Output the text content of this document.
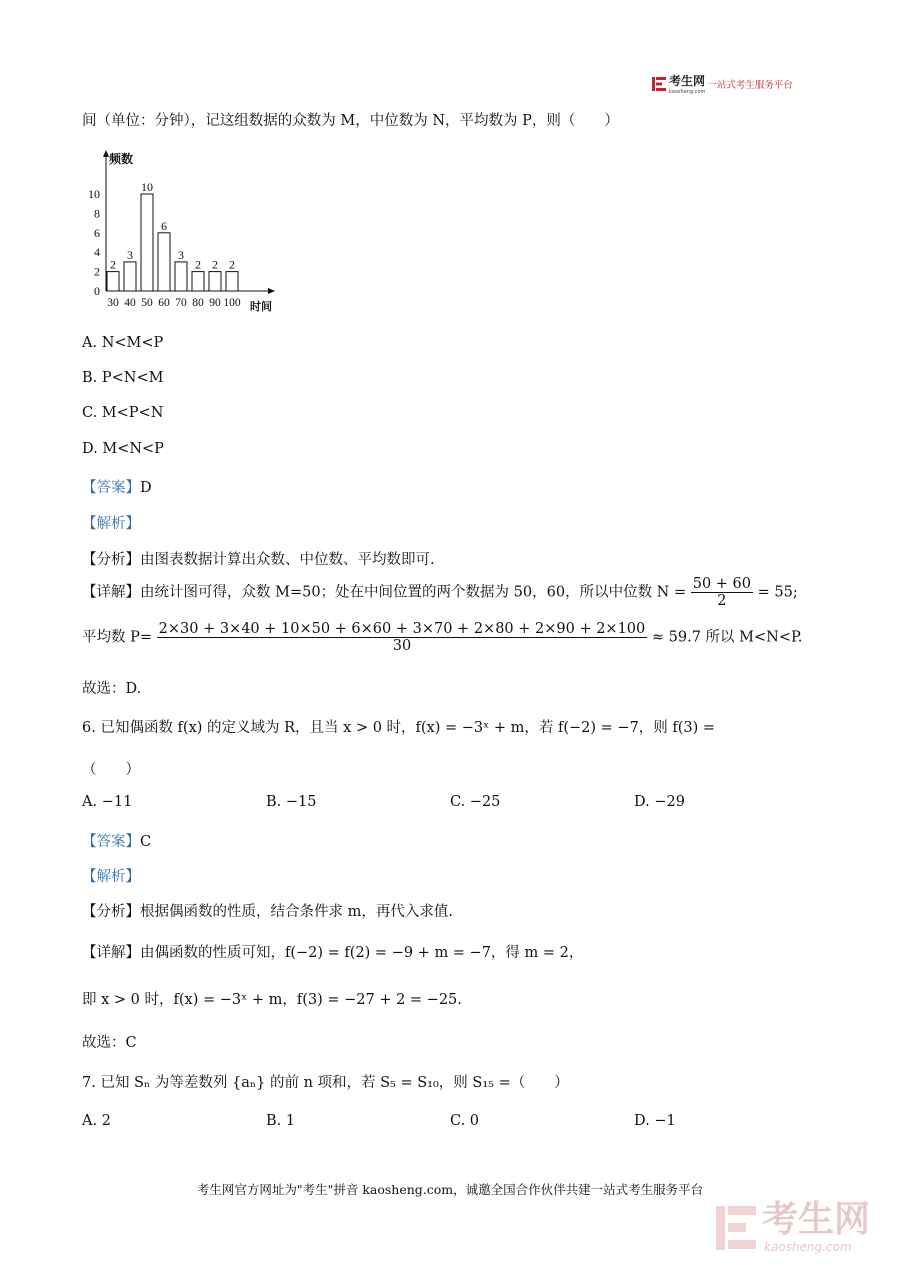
考生网
kaosheng.com
一站式考生服务平台
间（单位：分钟），记这组数据的众数为 M，中位数为 N，平均数为 P，则（　　）
频数
时间
0
2
4
6
8
10
2
30
3
40
10
50
6
60
3
70
2
80
2
90
2
100
A. N<M<P
B. P<N<M
C. M<P<N
D. M<N<P
【答案】D
【解析】
【分析】由图表数据计算出众数、中位数、平均数即可.
【详解】由统计图可得，众数 M=50；处在中间位置的两个数据为 50，60，所以中位数 $N = \frac{50 + 60}{2} = 55$;
平均数 $P= \frac{2\times 30 + 3\times 40 + 10\times 50 + 6\times 60 + 3\times 70 + 2\times 80 + 2\times 90 + 2\times 100}{30} \approx 59.7$ 所以 M<N<P.
故选：D.
6. 已知偶函数 f(x) 的定义域为 R，且当 x > 0 时，f(x) = −3ˣ + m，若 f(−2) = −7，则 f(3) =
（　　）
A. −11	B. −15	C. −25	D. −29
【答案】C
【解析】
【分析】根据偶函数的性质，结合条件求 m，再代入求值.
【详解】由偶函数的性质可知，f(−2) = f(2) = −9 + m = −7，得 m = 2，
即 x > 0 时，f(x) = −3ˣ + m，f(3) = −27 + 2 = −25.
故选：C
7. 已知 Sₙ 为等差数列 {aₙ} 的前 n 项和，若 S₅ = S₁₀，则 S₁₅ =（　　）
A. 2	B. 1	C. 0	D. −1
考生网官方网址为"考生"拼音 kaosheng.com，诚邀全国合作伙伴共建一站式考生服务平台
考生网
kaosheng.com
